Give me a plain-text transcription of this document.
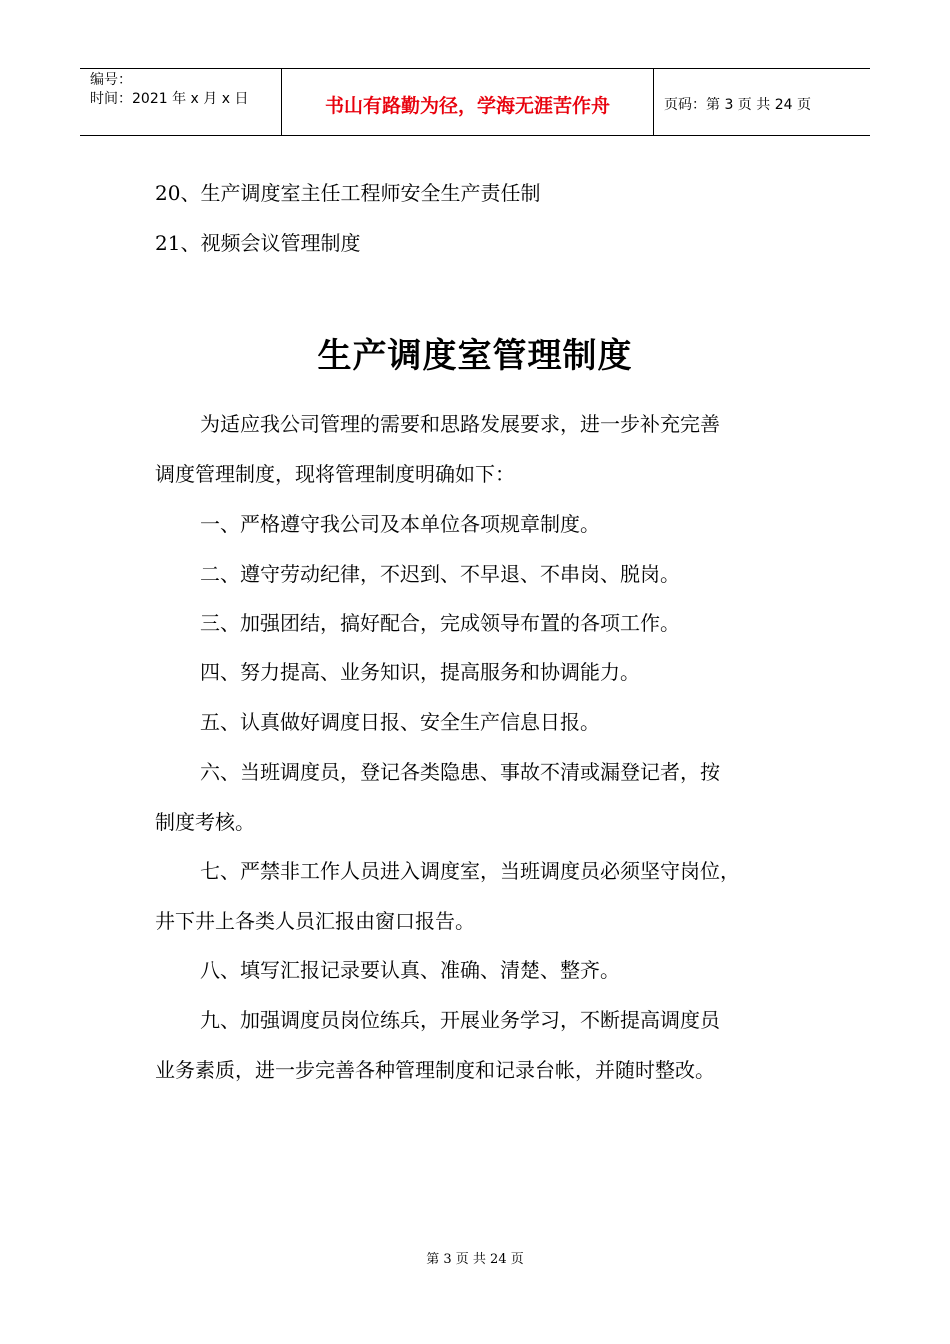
编号：
时间：2021 年 x 月 x 日	书山有路勤为径，学海无涯苦作舟	页码：第 3 页 共 24 页
20、生产调度室主任工程师安全生产责任制
21、视频会议管理制度
生产调度室管理制度
为适应我公司管理的需要和思路发展要求，进一步补充完善
调度管理制度，现将管理制度明确如下：
一、严格遵守我公司及本单位各项规章制度。
二、遵守劳动纪律，不迟到、不早退、不串岗、脱岗。
三、加强团结，搞好配合，完成领导布置的各项工作。
四、努力提高、业务知识，提高服务和协调能力。
五、认真做好调度日报、安全生产信息日报。
六、当班调度员，登记各类隐患、事故不清或漏登记者，按
制度考核。
七、严禁非工作人员进入调度室，当班调度员必须坚守岗位，
井下井上各类人员汇报由窗口报告。
八、填写汇报记录要认真、准确、清楚、整齐。
九、加强调度员岗位练兵，开展业务学习，不断提高调度员
业务素质，进一步完善各种管理制度和记录台帐，并随时整改。
第 3 页 共 24 页
